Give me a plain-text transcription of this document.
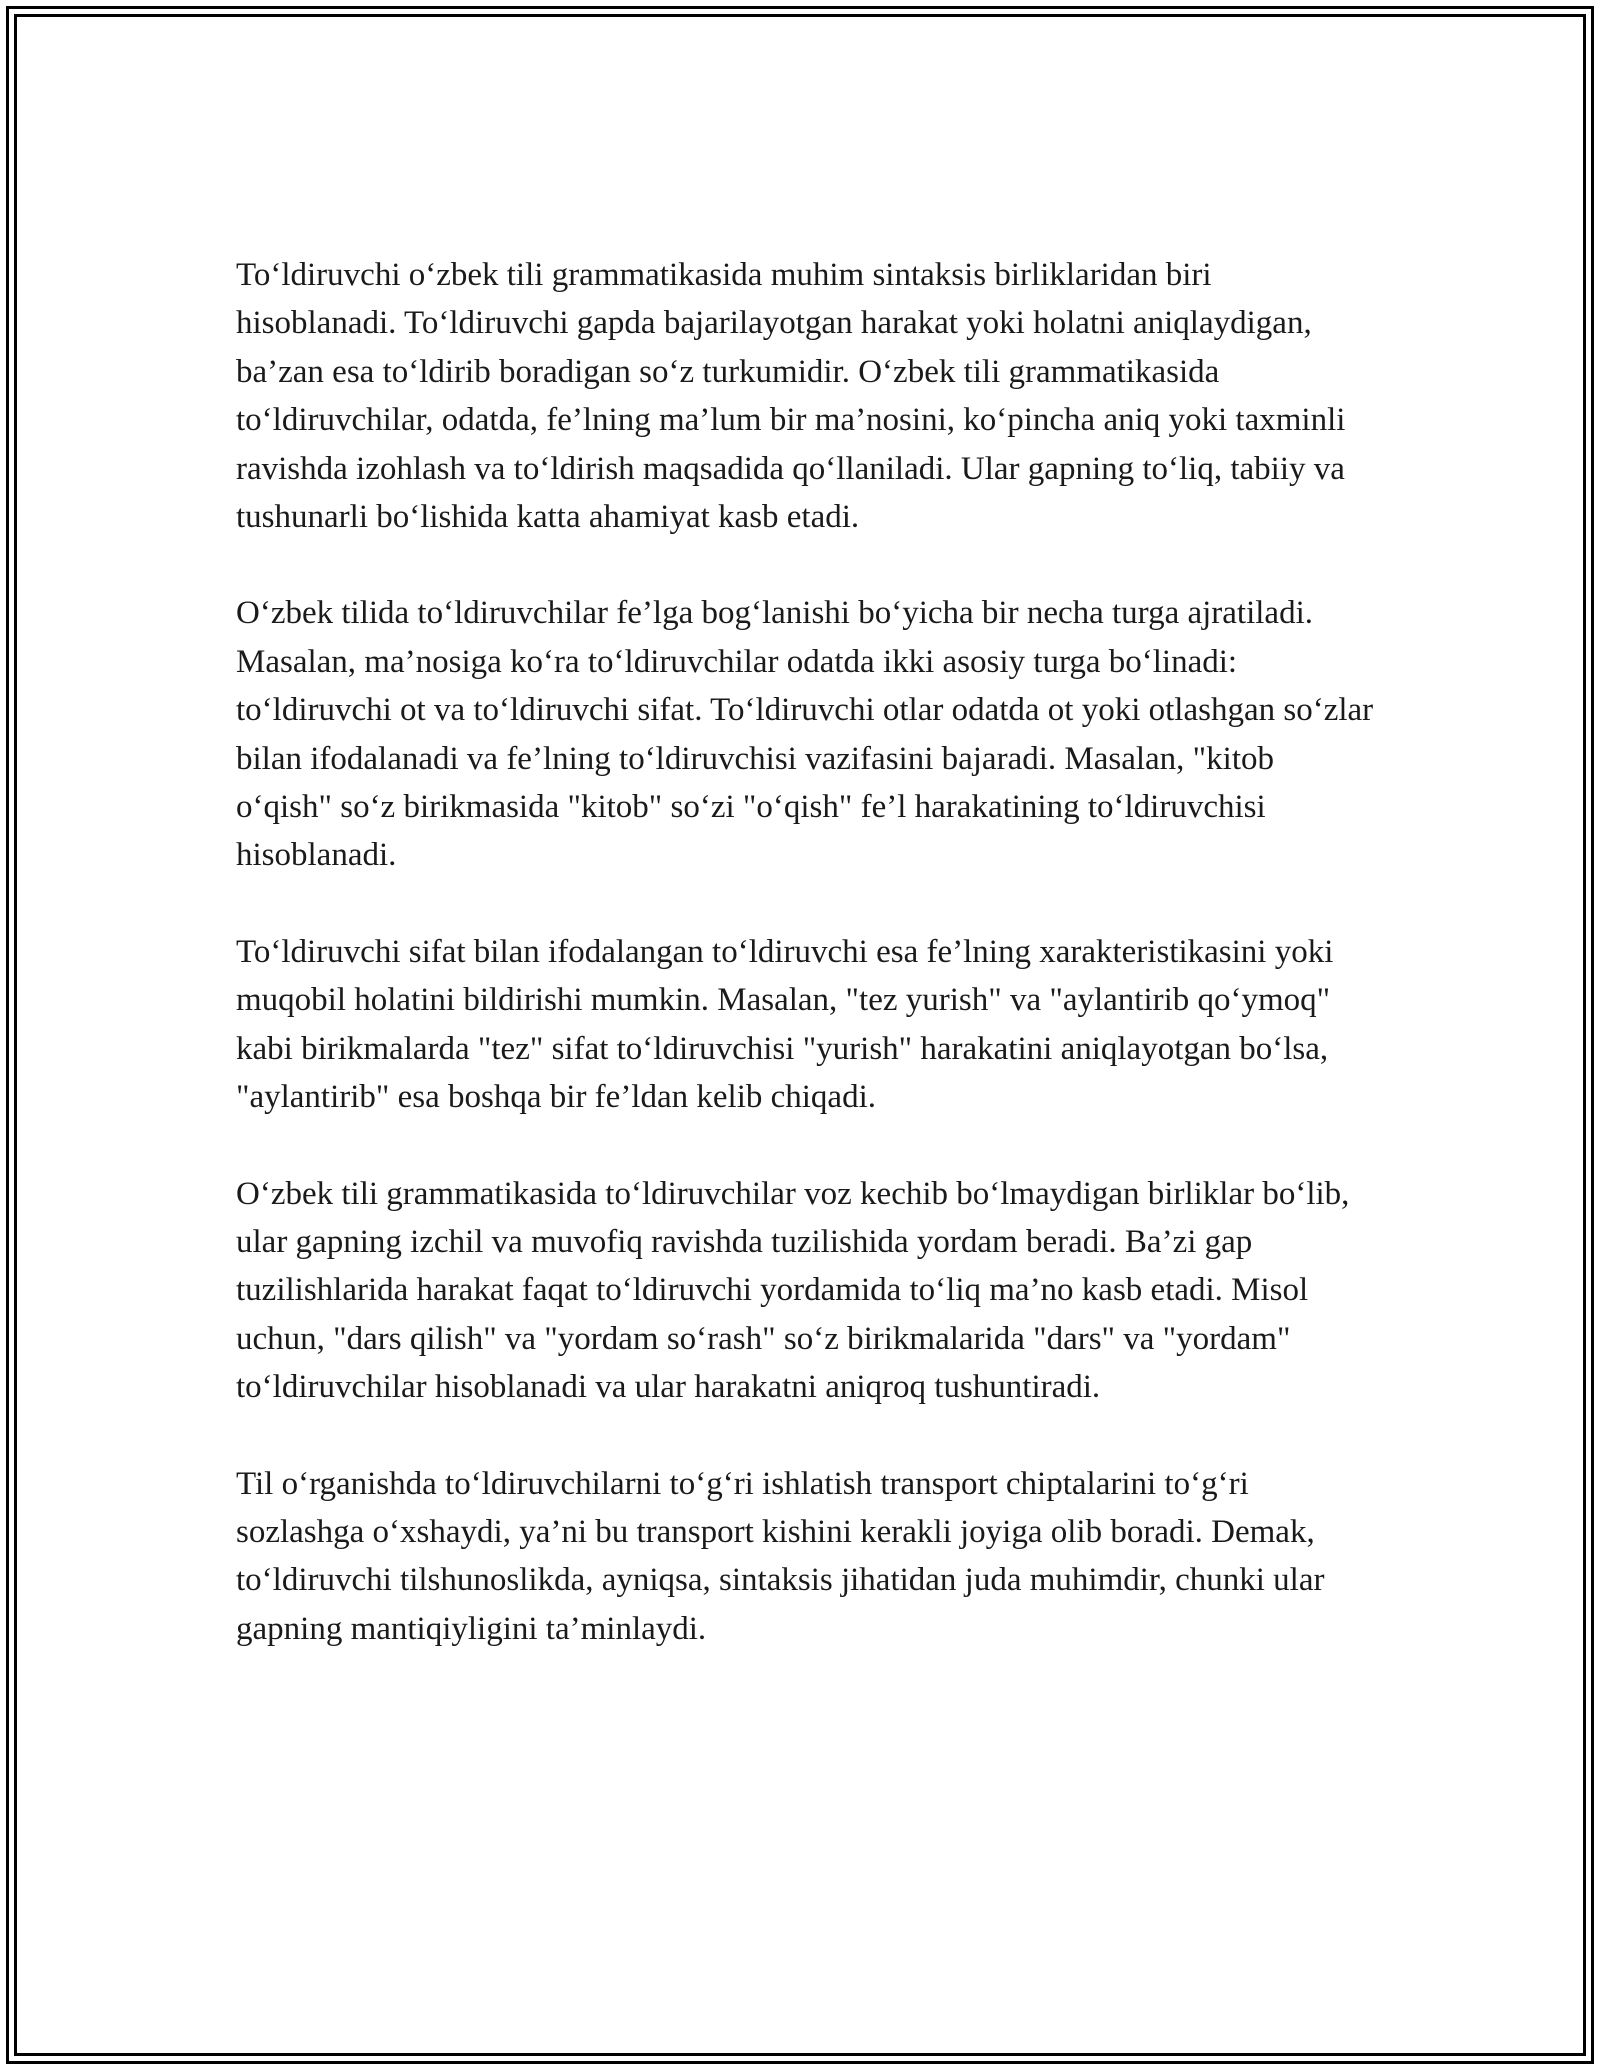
To‘ldiruvchi o‘zbek tili grammatikasida muhim sintaksis birliklaridan biri hisoblanadi. To‘ldiruvchi gapda bajarilayotgan harakat yoki holatni aniqlaydigan, ba’zan esa to‘ldirib boradigan so‘z turkumidir. O‘zbek tili grammatikasida to‘ldiruvchilar, odatda, fe’lning ma’lum bir ma’nosini, ko‘pincha aniq yoki taxminli ravishda izohlash va to‘ldirish maqsadida qo‘llaniladi. Ular gapning to‘liq, tabiiy va tushunarli bo‘lishida katta ahamiyat kasb etadi.

O‘zbek tilida to‘ldiruvchilar fe’lga bog‘lanishi bo‘yicha bir necha turga ajratiladi. Masalan, ma’nosiga ko‘ra to‘ldiruvchilar odatda ikki asosiy turga bo‘linadi: to‘ldiruvchi ot va to‘ldiruvchi sifat. To‘ldiruvchi otlar odatda ot yoki otlashgan so‘zlar bilan ifodalanadi va fe’lning to‘ldiruvchisi vazifasini bajaradi. Masalan, "kitob o‘qish" so‘z birikmasida "kitob" so‘zi "o‘qish" fe’l harakatining to‘ldiruvchisi hisoblanadi.

To‘ldiruvchi sifat bilan ifodalangan to‘ldiruvchi esa fe’lning xarakteristikasini yoki muqobil holatini bildirishi mumkin. Masalan, "tez yurish" va "aylantirib qo‘ymoq" kabi birikmalarda "tez" sifat to‘ldiruvchisi "yurish" harakatini aniqlayotgan bo‘lsa, "aylantirib" esa boshqa bir fe’ldan kelib chiqadi.

O‘zbek tili grammatikasida to‘ldiruvchilar voz kechib bo‘lmaydigan birliklar bo‘lib, ular gapning izchil va muvofiq ravishda tuzilishida yordam beradi. Ba’zi gap tuzilishlarida harakat faqat to‘ldiruvchi yordamida to‘liq ma’no kasb etadi. Misol uchun, "dars qilish" va "yordam so‘rash" so‘z birikmalarida "dars" va "yordam" to‘ldiruvchilar hisoblanadi va ular harakatni aniqroq tushuntiradi.

Til o‘rganishda to‘ldiruvchilarni to‘g‘ri ishlatish transport chiptalarini to‘g‘ri sozlashga o‘xshaydi, ya’ni bu transport kishini kerakli joyiga olib boradi. Demak, to‘ldiruvchi tilshunoslikda, ayniqsa, sintaksis jihatidan juda muhimdir, chunki ular gapning mantiqiyligini ta’minlaydi.
